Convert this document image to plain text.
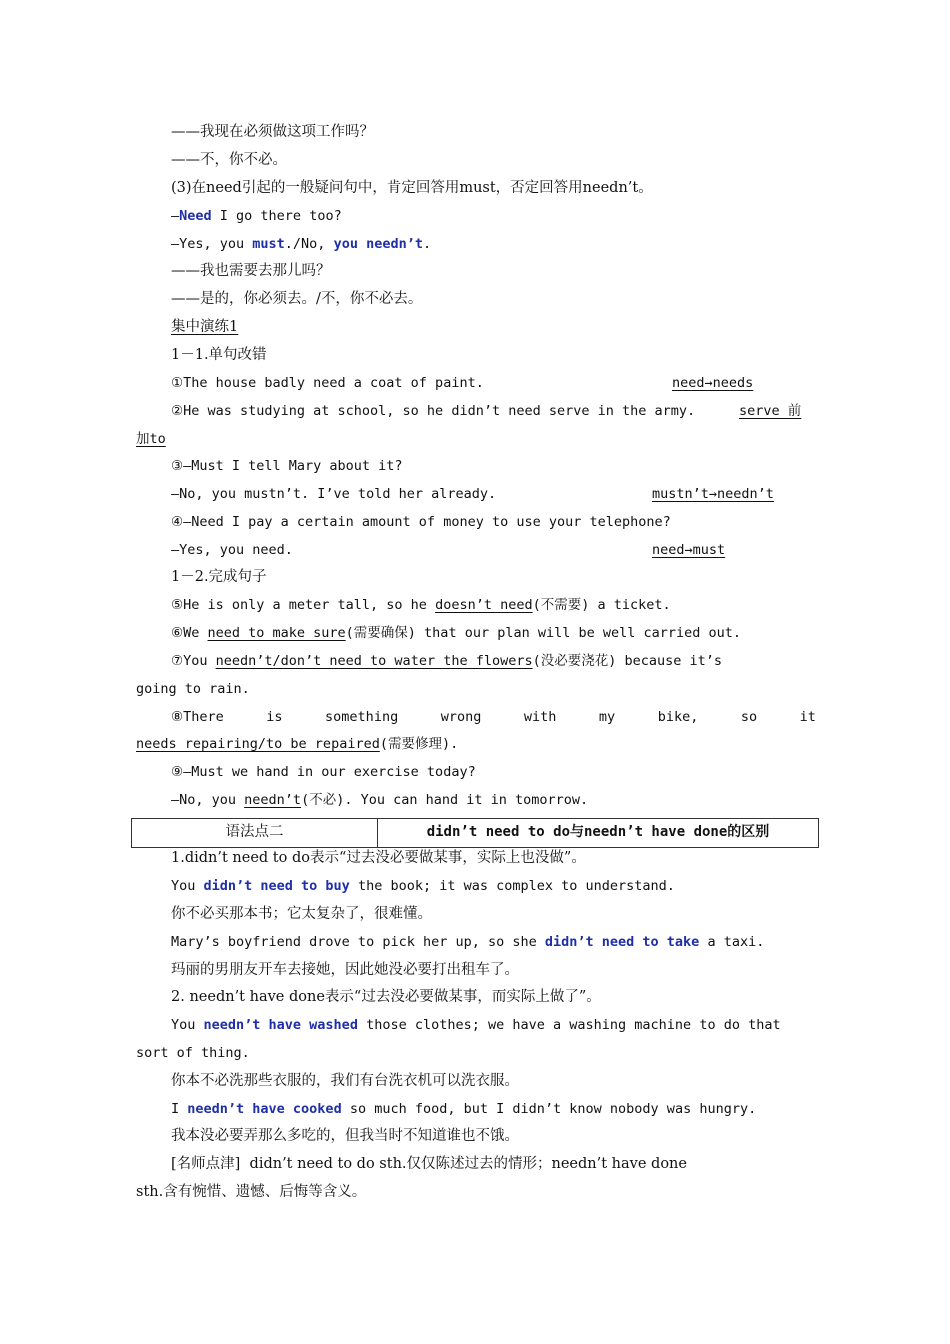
——我现在必须做这项工作吗？
——不，你不必。
(3)在need引起的一般疑问句中，肯定回答用must，否定回答用needn’t。
—Need I go there too?
—Yes, you must./No, you needn’t.
——我也需要去那儿吗？
——是的，你必须去。/不，你不必去。
集中演练1
1－1.单句改错
①The house badly need a coat of paint.	need→needs
②He was studying at school, so he didn’t need serve in the army.	serve 前
加to
③—Must I tell Mary about it?
—No, you mustn’t. I’ve told her already.	mustn’t→needn’t
④—Need I pay a certain amount of money to use your telephone?
—Yes, you need.	need→must
1－2.完成句子
⑤He is only a meter tall, so he doesn’t need(不需要) a ticket.
⑥We need to make sure(需要确保) that our plan will be well carried out.
⑦You needn’t/don’t need to water the flowers(没必要浇花) because it’s
going to rain.
⑧There	is	something	wrong	with	my	bike,	so	it
needs repairing/to be repaired(需要修理).
⑨—Must we hand in our exercise today?
—No, you needn’t(不必). You can hand it in tomorrow.
语法点二	didn’t need to do与needn’t have done的区别
1.didn’t need to do表示“过去没必要做某事，实际上也没做”。
You didn’t need to buy the book; it was complex to understand.
你不必买那本书；它太复杂了，很难懂。
Mary’s boyfriend drove to pick her up, so she didn’t need to take a taxi.
玛丽的男朋友开车去接她，因此她没必要打出租车了。
2. needn’t have done表示“过去没必要做某事，而实际上做了”。
You needn’t have washed those clothes; we have a washing machine to do that
sort of thing.
你本不必洗那些衣服的，我们有台洗衣机可以洗衣服。
I needn’t have cooked so much food, but I didn’t know nobody was hungry.
我本没必要弄那么多吃的，但我当时不知道谁也不饿。
[名师点津]  didn’t need to do sth.仅仅陈述过去的情形；needn’t have done
sth.含有惋惜、遗憾、后悔等含义。
